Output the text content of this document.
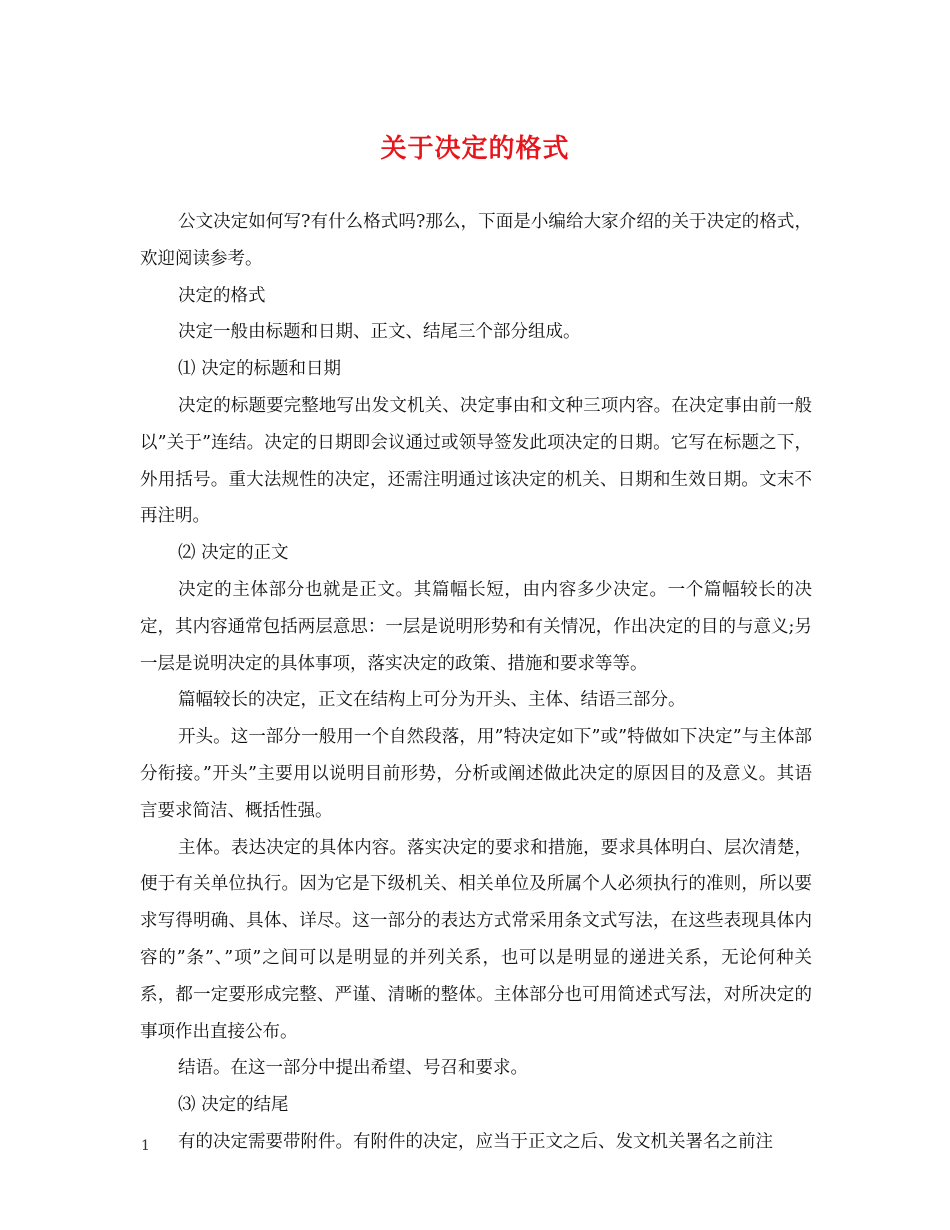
关于决定的格式

公文决定如何写?有什么格式吗?那么，下面是小编给大家介绍的关于决定的格式，欢迎阅读参考。

决定的格式

决定一般由标题和日期、正文、结尾三个部分组成。

⑴ 决定的标题和日期

决定的标题要完整地写出发文机关、决定事由和文种三项内容。在决定事由前一般以”关于”连结。决定的日期即会议通过或领导签发此项决定的日期。它写在标题之下，外用括号。重大法规性的决定，还需注明通过该决定的机关、日期和生效日期。文末不再注明。

⑵ 决定的正文

决定的主体部分也就是正文。其篇幅长短，由内容多少决定。一个篇幅较长的决定，其内容通常包括两层意思：一层是说明形势和有关情况，作出决定的目的与意义;另一层是说明决定的具体事项，落实决定的政策、措施和要求等等。

篇幅较长的决定，正文在结构上可分为开头、主体、结语三部分。

开头。这一部分一般用一个自然段落，用”特决定如下”或”特做如下决定”与主体部分衔接。”开头”主要用以说明目前形势，分析或阐述做此决定的原因目的及意义。其语言要求简洁、概括性强。

主体。表达决定的具体内容。落实决定的要求和措施，要求具体明白、层次清楚，便于有关单位执行。因为它是下级机关、相关单位及所属个人必须执行的准则，所以要求写得明确、具体、详尽。这一部分的表达方式常采用条文式写法，在这些表现具体内容的”条”、”项”之间可以是明显的并列关系，也可以是明显的递进关系，无论何种关系，都一定要形成完整、严谨、清晰的整体。主体部分也可用简述式写法，对所决定的事项作出直接公布。

结语。在这一部分中提出希望、号召和要求。

⑶ 决定的结尾

有的决定需要带附件。有附件的决定，应当于正文之后、发文机关署名之前注

1
